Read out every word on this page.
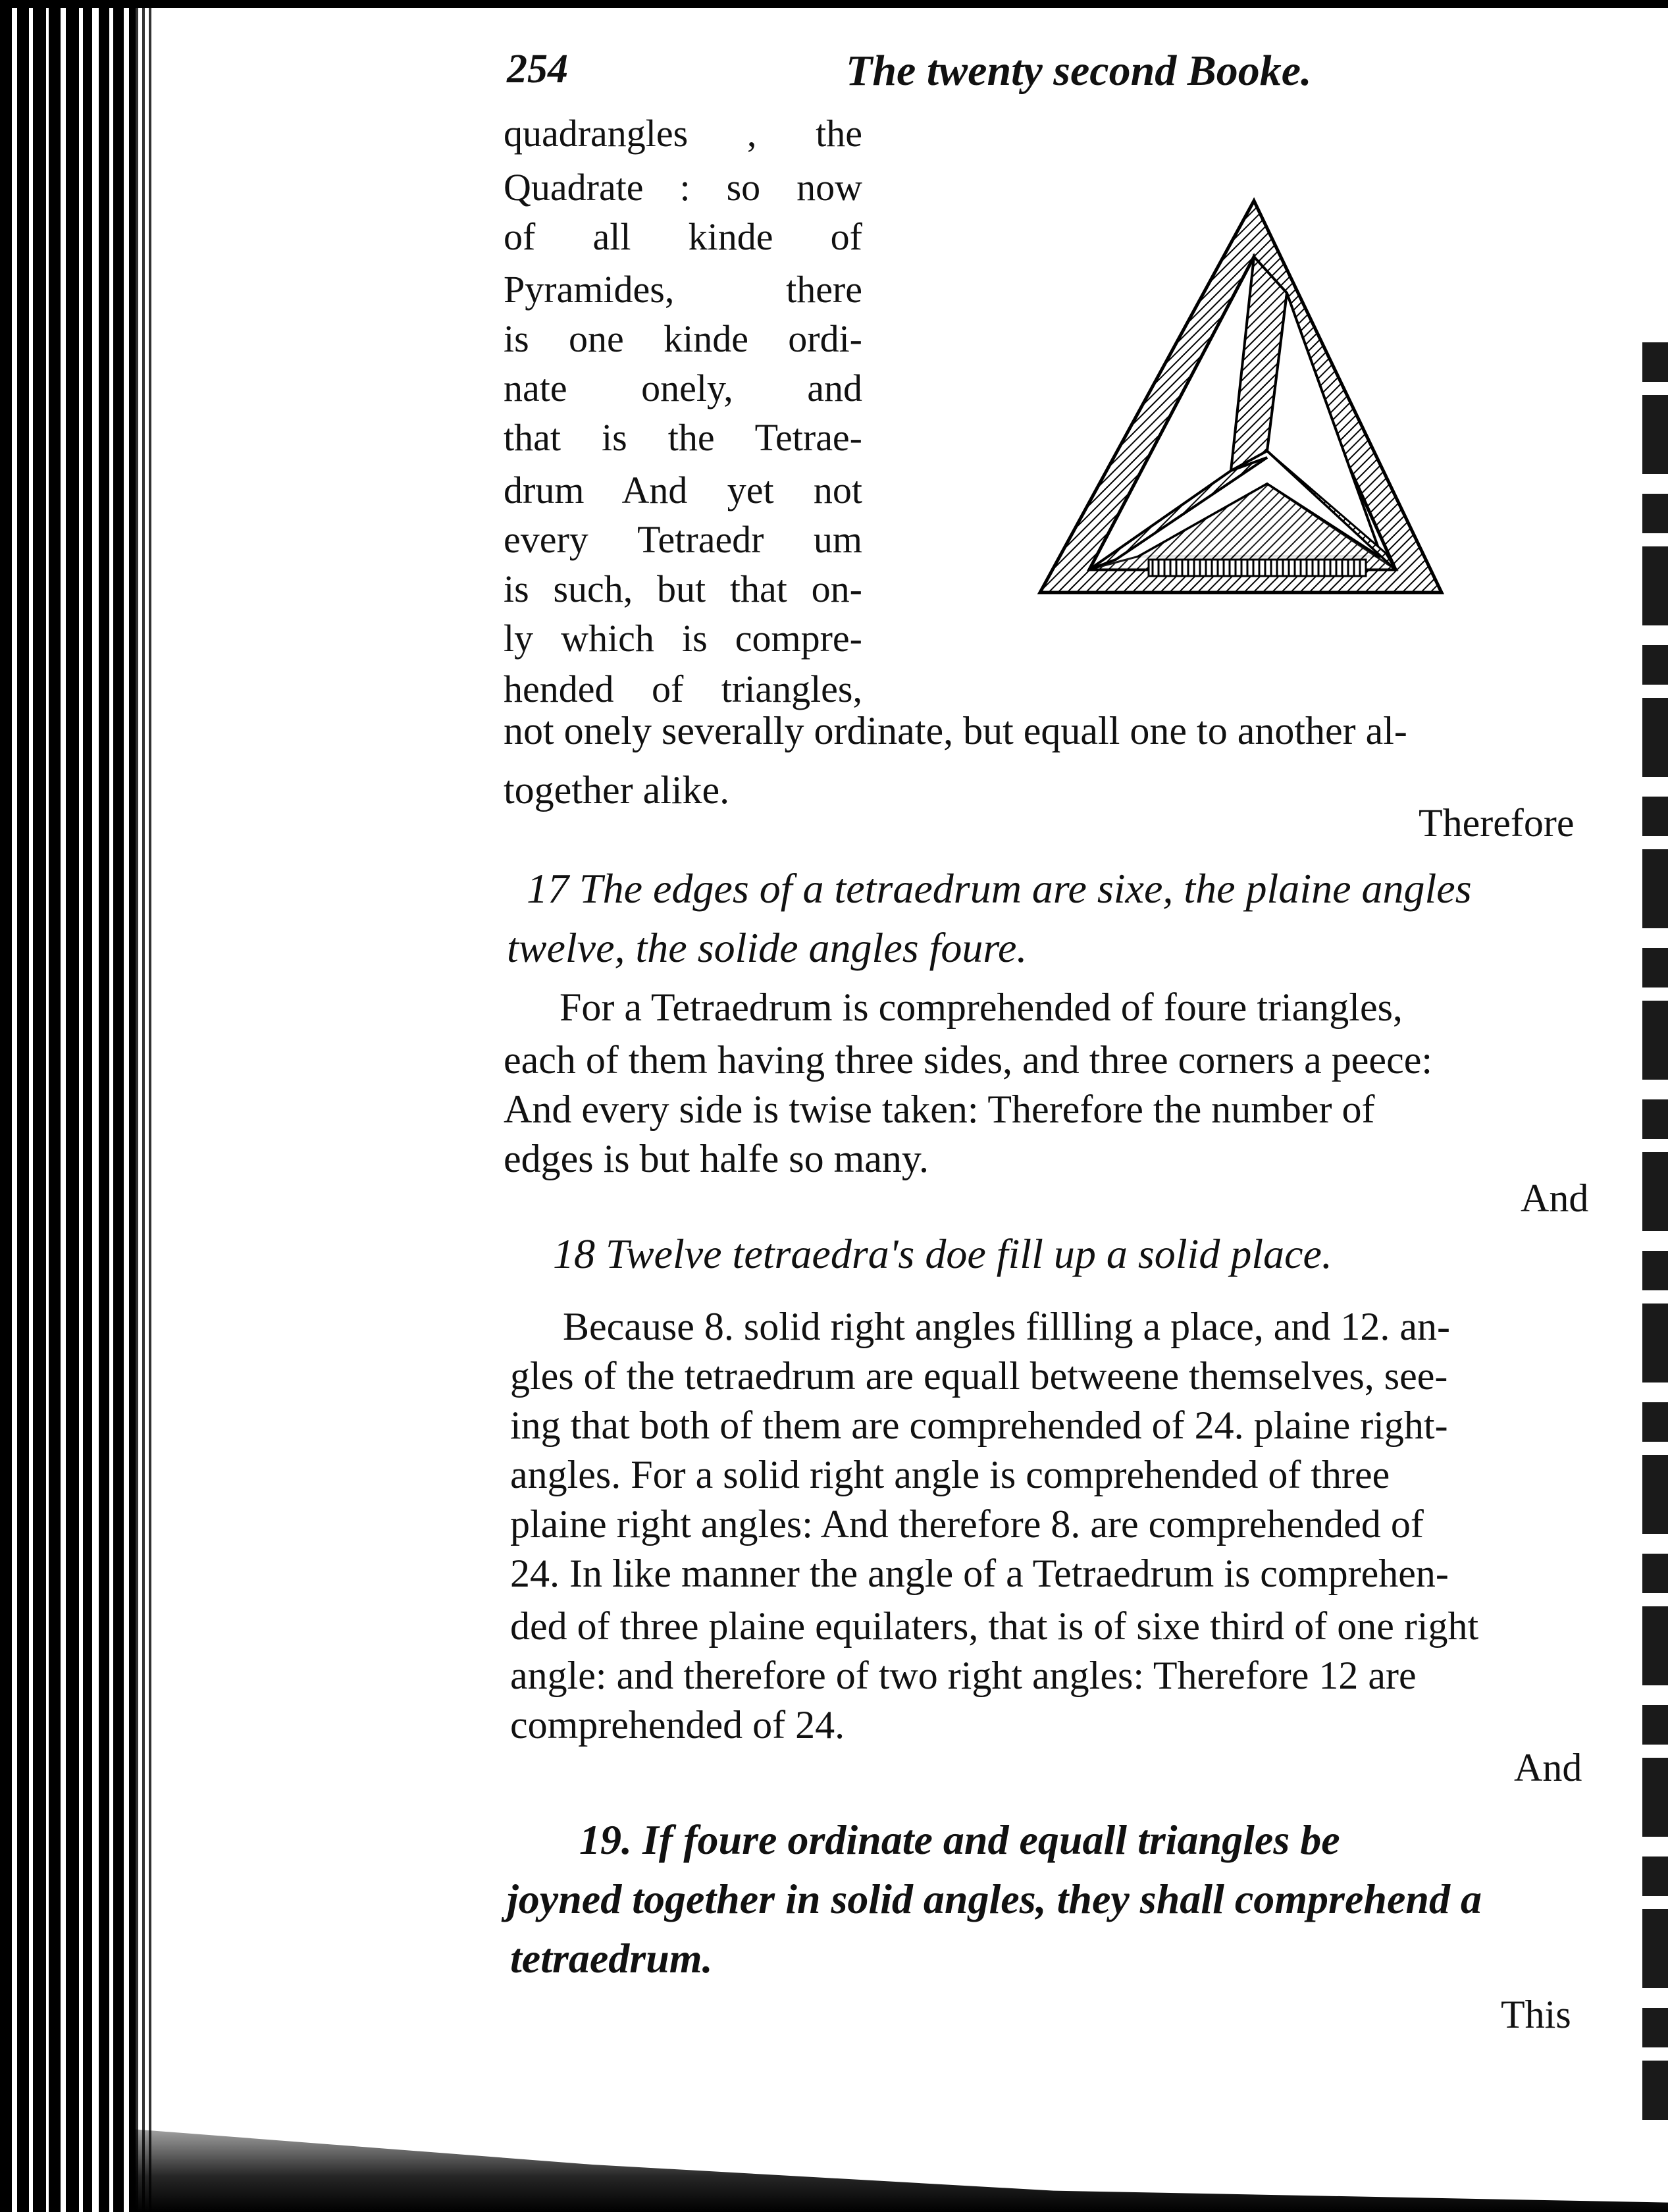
254	The twenty second Booke.
quadrangles , the
Quadrate : so now
of all kinde of
Pyramides, there
is one kinde ordi-
nate onely, and
that is the Tetrae-
drum And yet not
every Tetraedr um
is such, but that on-
ly which is compre-
hended of triangles,
not onely severally ordinate, but equall one to another al-
together alike.
Therefore
17 The edges of a tetraedrum are sixe, the plaine angles
twelve, the solide angles foure.
For a Tetraedrum is comprehended of foure triangles,
each of them having three sides, and three corners a peece:
And every side is twise taken: Therefore the number of
edges is but halfe so many.
And
18 Twelve tetraedra's doe fill up a solid place.
Because 8. solid right angles fillling a place, and 12. an-
gles of the tetraedrum are equall betweene themselves, see-
ing that both of them are comprehended of 24. plaine right-
angles. For a solid right angle is comprehended of three
plaine right angles: And therefore 8. are comprehended of
24. In like manner the angle of a Tetraedrum is comprehen-
ded of three plaine equilaters, that is of sixe third of one right
angle: and therefore of two right angles: Therefore 12 are
comprehended of 24.
And
19. If foure ordinate and equall triangles be
joyned together in solid angles, they shall comprehend a
tetraedrum.
This
